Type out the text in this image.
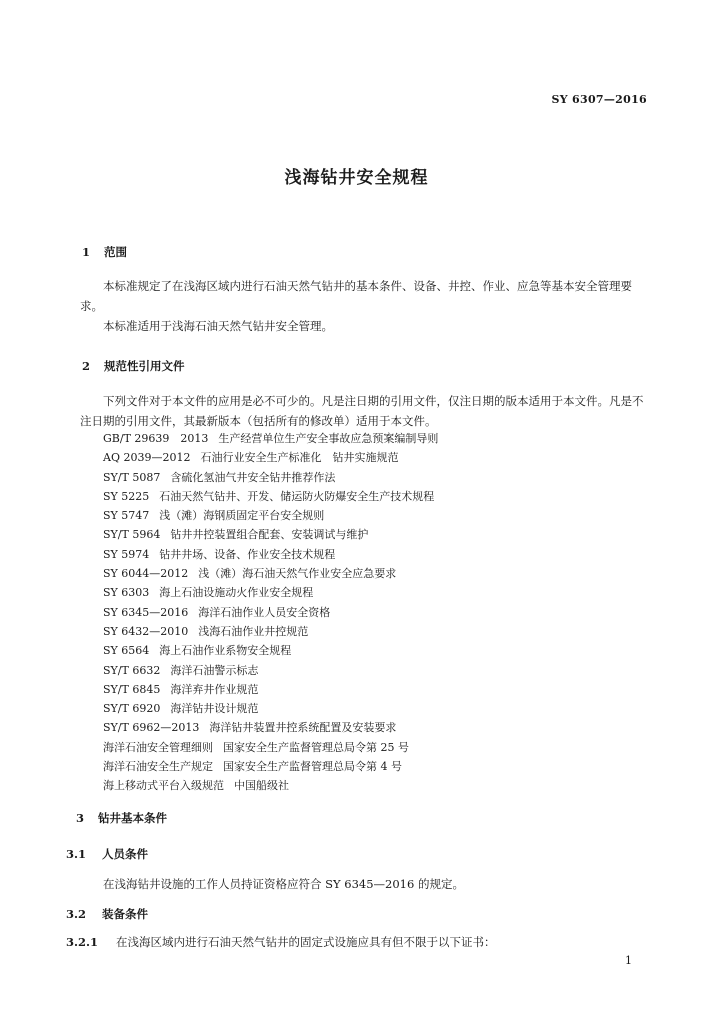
SY 6307—2016
浅海钻井安全规程
1 范围
本标准规定了在浅海区域内进行石油天然气钻井的基本条件、设备、井控、作业、应急等基本安全管理要求。
本标准适用于浅海石油天然气钻井安全管理。
2 规范性引用文件
下列文件对于本文件的应用是必不可少的。凡是注日期的引用文件，仅注日期的版本适用于本文件。凡是不注日期的引用文件，其最新版本（包括所有的修改单）适用于本文件。
GB/T 29639　2013 生产经营单位生产安全事故应急预案编制导则
AQ 2039—2012 石油行业安全生产标准化　钻井实施规范
SY/T 5087 含硫化氢油气井安全钻井推荐作法
SY 5225 石油天然气钻井、开发、储运防火防爆安全生产技术规程
SY 5747 浅（滩）海钢质固定平台安全规则
SY/T 5964 钻井井控装置组合配套、安装调试与维护
SY 5974 钻井井场、设备、作业安全技术规程
SY 6044—2012 浅（滩）海石油天然气作业安全应急要求
SY 6303 海上石油设施动火作业安全规程
SY 6345—2016 海洋石油作业人员安全资格
SY 6432—2010 浅海石油作业井控规范
SY 6564 海上石油作业系物安全规程
SY/T 6632 海洋石油警示标志
SY/T 6845 海洋弃井作业规范
SY/T 6920 海洋钻井设计规范
SY/T 6962—2013 海洋钻井装置井控系统配置及安装要求
海洋石油安全管理细则 国家安全生产监督管理总局令第 25 号
海洋石油安全生产规定 国家安全生产监督管理总局令第 4 号
海上移动式平台入级规范 中国船级社
3 钻井基本条件
3.1 人员条件
在浅海钻井设施的工作人员持证资格应符合 SY 6345—2016 的规定。
3.2 装备条件
3.2.1 在浅海区域内进行石油天然气钻井的固定式设施应具有但不限于以下证书：
1
